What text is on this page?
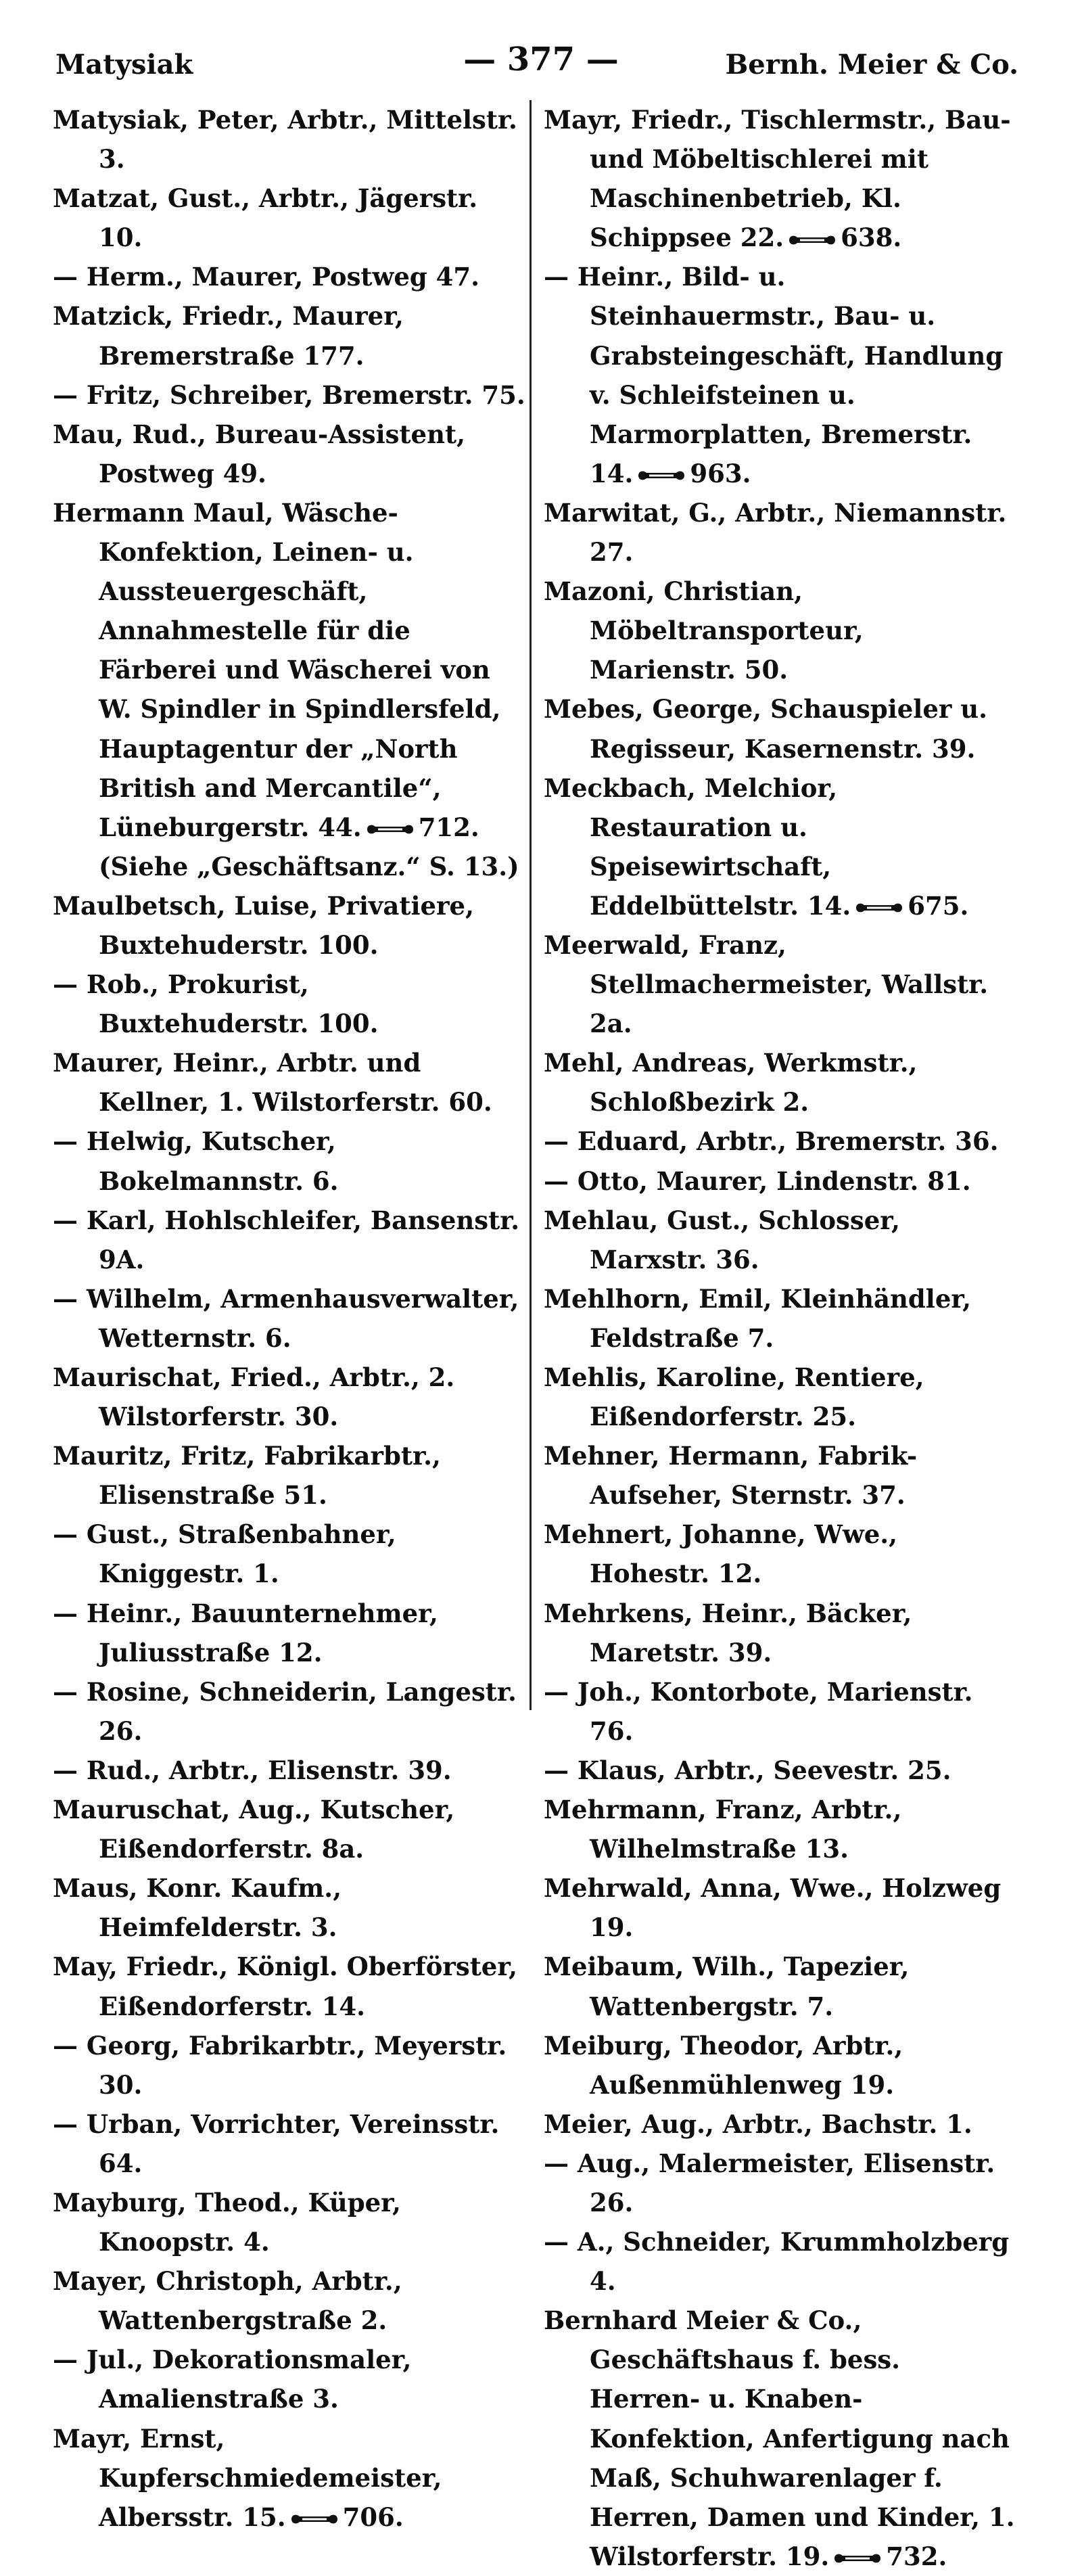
Matysiak	— 377 —	Bernh. Meier & Co.
Matysiak, Peter, Arbtr., Mittelstr. 3.
Matzat, Gust., Arbtr., Jägerstr. 10.
— Herm., Maurer, Postweg 47.
Matzick, Friedr., Maurer, Bremerstraße 177.
— Fritz, Schreiber, Bremerstr. 75.
Mau, Rud., Bureau-Assistent, Postweg 49.
Hermann Maul, Wäsche-Konfektion, Leinen- u. Aussteuergeschäft, Annahmestelle für die Färberei und Wäscherei von W. Spindler in Spindlersfeld, Hauptagentur der „North British and Mercantile“, Lüneburgerstr. 44. 712. (Siehe „Geschäftsanz.“ S. 13.)
Maulbetsch, Luise, Privatiere, Buxtehuderstr. 100.
— Rob., Prokurist, Buxtehuderstr. 100.
Maurer, Heinr., Arbtr. und Kellner, 1. Wilstorferstr. 60.
— Helwig, Kutscher, Bokelmannstr. 6.
— Karl, Hohlschleifer, Bansenstr. 9A.
— Wilhelm, Armenhausverwalter, Wetternstr. 6.
Maurischat, Fried., Arbtr., 2. Wilstorferstr. 30.
Mauritz, Fritz, Fabrikarbtr., Elisenstraße 51.
— Gust., Straßenbahner, Kniggestr. 1.
— Heinr., Bauunternehmer, Juliusstraße 12.
— Rosine, Schneiderin, Langestr. 26.
— Rud., Arbtr., Elisenstr. 39.
Mauruschat, Aug., Kutscher, Eißendorferstr. 8a.
Maus, Konr. Kaufm., Heimfelderstr. 3.
May, Friedr., Königl. Oberförster, Eißendorferstr. 14.
— Georg, Fabrikarbtr., Meyerstr. 30.
— Urban, Vorrichter, Vereinsstr. 64.
Mayburg, Theod., Küper, Knoopstr. 4.
Mayer, Christoph, Arbtr., Wattenbergstraße 2.
— Jul., Dekorationsmaler, Amalienstraße 3.
Mayr, Ernst, Kupferschmiedemeister, Albersstr. 15. 706.
Mayr, Friedr., Tischlermstr., Bau- und Möbeltischlerei mit Maschinenbetrieb, Kl. Schippsee 22. 638.
— Heinr., Bild- u. Steinhauermstr., Bau- u. Grabsteingeschäft, Handlung v. Schleifsteinen u. Marmorplatten, Bremerstr. 14. 963.
Marwitat, G., Arbtr., Niemannstr. 27.
Mazoni, Christian, Möbeltransporteur, Marienstr. 50.
Mebes, George, Schauspieler u. Regisseur, Kasernenstr. 39.
Meckbach, Melchior, Restauration u. Speisewirtschaft, Eddelbüttelstr. 14. 675.
Meerwald, Franz, Stellmachermeister, Wallstr. 2a.
Mehl, Andreas, Werkmstr., Schloßbezirk 2.
— Eduard, Arbtr., Bremerstr. 36.
— Otto, Maurer, Lindenstr. 81.
Mehlau, Gust., Schlosser, Marxstr. 36.
Mehlhorn, Emil, Kleinhändler, Feldstraße 7.
Mehlis, Karoline, Rentiere, Eißendorferstr. 25.
Mehner, Hermann, Fabrik-Aufseher, Sternstr. 37.
Mehnert, Johanne, Wwe., Hohestr. 12.
Mehrkens, Heinr., Bäcker, Maretstr. 39.
— Joh., Kontorbote, Marienstr. 76.
— Klaus, Arbtr., Seevestr. 25.
Mehrmann, Franz, Arbtr., Wilhelmstraße 13.
Mehrwald, Anna, Wwe., Holzweg 19.
Meibaum, Wilh., Tapezier, Wattenbergstr. 7.
Meiburg, Theodor, Arbtr., Außenmühlenweg 19.
Meier, Aug., Arbtr., Bachstr. 1.
— Aug., Malermeister, Elisenstr. 26.
— A., Schneider, Krummholzberg 4.
Bernhard Meier & Co., Geschäftshaus f. bess. Herren- u. Knaben-Konfektion, Anfertigung nach Maß, Schuhwarenlager f. Herren, Damen und Kinder, 1. Wilstorferstr. 19. 732.
